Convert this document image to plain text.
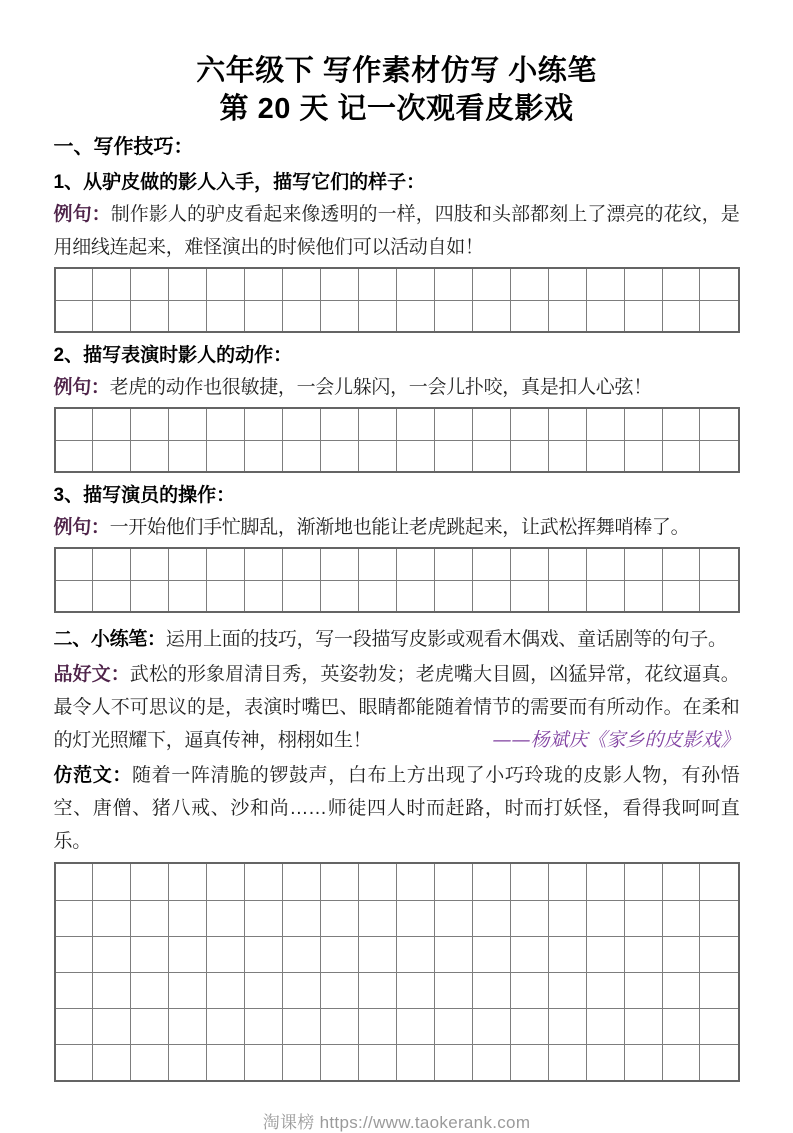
六年级下 写作素材仿写 小练笔
第 20 天 记一次观看皮影戏
一、写作技巧：
1、从驴皮做的影人入手，描写它们的样子：

例句：制作影人的驴皮看起来像透明的一样，四肢和头部都刻上了漂亮的花纹，是用细线连起来，难怪演出的时候他们可以活动自如！

2、描写表演时影人的动作：

例句：老虎的动作也很敏捷，一会儿躲闪，一会儿扑咬，真是扣人心弦！

3、描写演员的操作：

例句：一开始他们手忙脚乱，渐渐地也能让老虎跳起来，让武松挥舞哨棒了。

二、小练笔：运用上面的技巧，写一段描写皮影或观看木偶戏、童话剧等的句子。

品好文：武松的形象眉清目秀，英姿勃发；老虎嘴大目圆，凶猛异常，花纹逼真。最令人不可思议的是，表演时嘴巴、眼睛都能随着情节的需要而有所动作。在柔和的灯光照耀下，逼真传神，栩栩如生！	——杨斌庆《家乡的皮影戏》

仿范文：随着一阵清脆的锣鼓声，白布上方出现了小巧玲珑的皮影人物，有孙悟空、唐僧、猪八戒、沙和尚……师徒四人时而赶路，时而打妖怪，看得我呵呵直乐。

淘课榜 https://www.taokerank.com
